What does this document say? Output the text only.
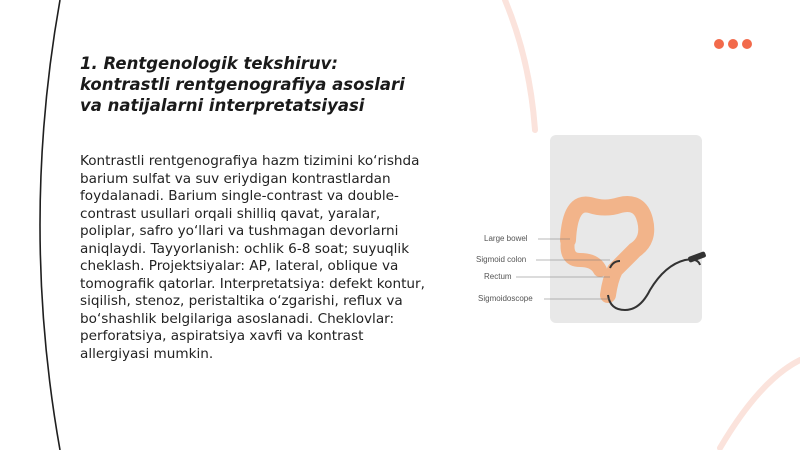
1. Rentgenologik tekshiruv: kontrastli rentgenografiya asoslari va natijalarni interpretatsiyasi

Kontrastli rentgenografiya hazm tizimini ko‘rishda barium sulfat va suv eriydigan kontrastlardan foydalanadi. Barium single-contrast va double-contrast usullari orqali shilliq qavat, yaralar, poliplar, safro yo‘llari va tushmagan devorlarni aniqlaydi. Tayyorlanish: ochlik 6-8 soat; suyuqlik cheklash. Projektsiyalar: AP, lateral, oblique va tomografik qatorlar. Interpretatsiya: defekt kontur, siqilish, stenoz, peristaltika o‘zgarishi, reflux va bo‘shashlik belgilariga asoslanadi. Cheklovlar: perforatsiya, aspiratsiya xavfi va kontrast allergiyasi mumkin.

Large bowel
Sigmoid colon
Rectum
Sigmoidoscope
